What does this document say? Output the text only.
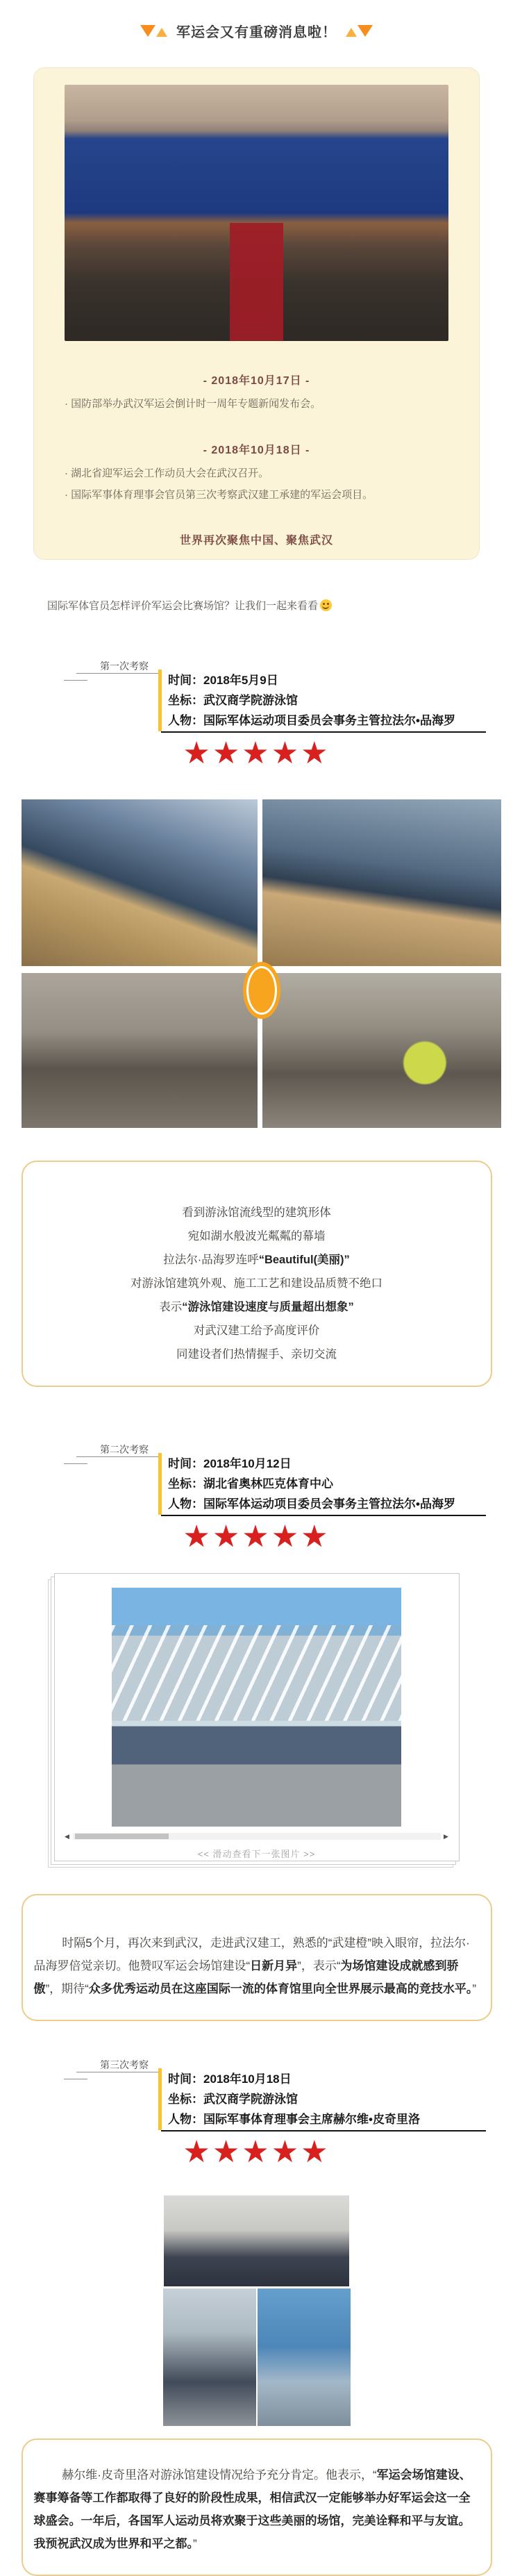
军运会又有重磅消息啦！
- 2018年10月17日 -
· 国防部举办武汉军运会倒计时一周年专题新闻发布会。
- 2018年10月18日 -
· 湖北省迎军运会工作动员大会在武汉召开。
· 国际军事体育理事会官员第三次考察武汉建工承建的军运会项目。
世界再次聚焦中国、聚焦武汉
国际军体官员怎样评价军运会比赛场馆？让我们一起来看看
第一次考察
时间：2018年5月9日
坐标：武汉商学院游泳馆
人物：国际军体运动项目委员会事务主管拉法尔•品海罗
★★★★★

看到游泳馆流线型的建筑形体

宛如湖水般波光粼粼的幕墙

拉法尔·品海罗连呼“Beautiful(美丽)”

对游泳馆建筑外观、施工工艺和建设品质赞不绝口

表示“游泳馆建设速度与质量超出想象”

对武汉建工给予高度评价

同建设者们热情握手、亲切交流

第二次考察
时间：2018年10月12日
坐标：湖北省奥林匹克体育中心
人物：国际军体运动项目委员会事务主管拉法尔•品海罗
★★★★★
◀	▶
<< 滑动查看下一张图片 >>

时隔5个月，再次来到武汉，走进武汉建工，熟悉的“武建橙”映入眼帘，拉法尔·品海罗倍觉亲切。他赞叹军运会场馆建设“日新月异”，表示“为场馆建设成就感到骄傲”，期待“众多优秀运动员在这座国际一流的体育馆里向全世界展示最高的竞技水平。”

第三次考察
时间：2018年10月18日
坐标：武汉商学院游泳馆
人物：国际军事体育理事会主席赫尔维•皮奇里洛
★★★★★

赫尔维·皮奇里洛对游泳馆建设情况给予充分肯定。他表示，“军运会场馆建设、赛事筹备等工作都取得了良好的阶段性成果，相信武汉一定能够举办好军运会这一全球盛会。一年后，各国军人运动员将欢聚于这些美丽的场馆，完美诠释和平与友谊。我预祝武汉成为世界和平之都。”
